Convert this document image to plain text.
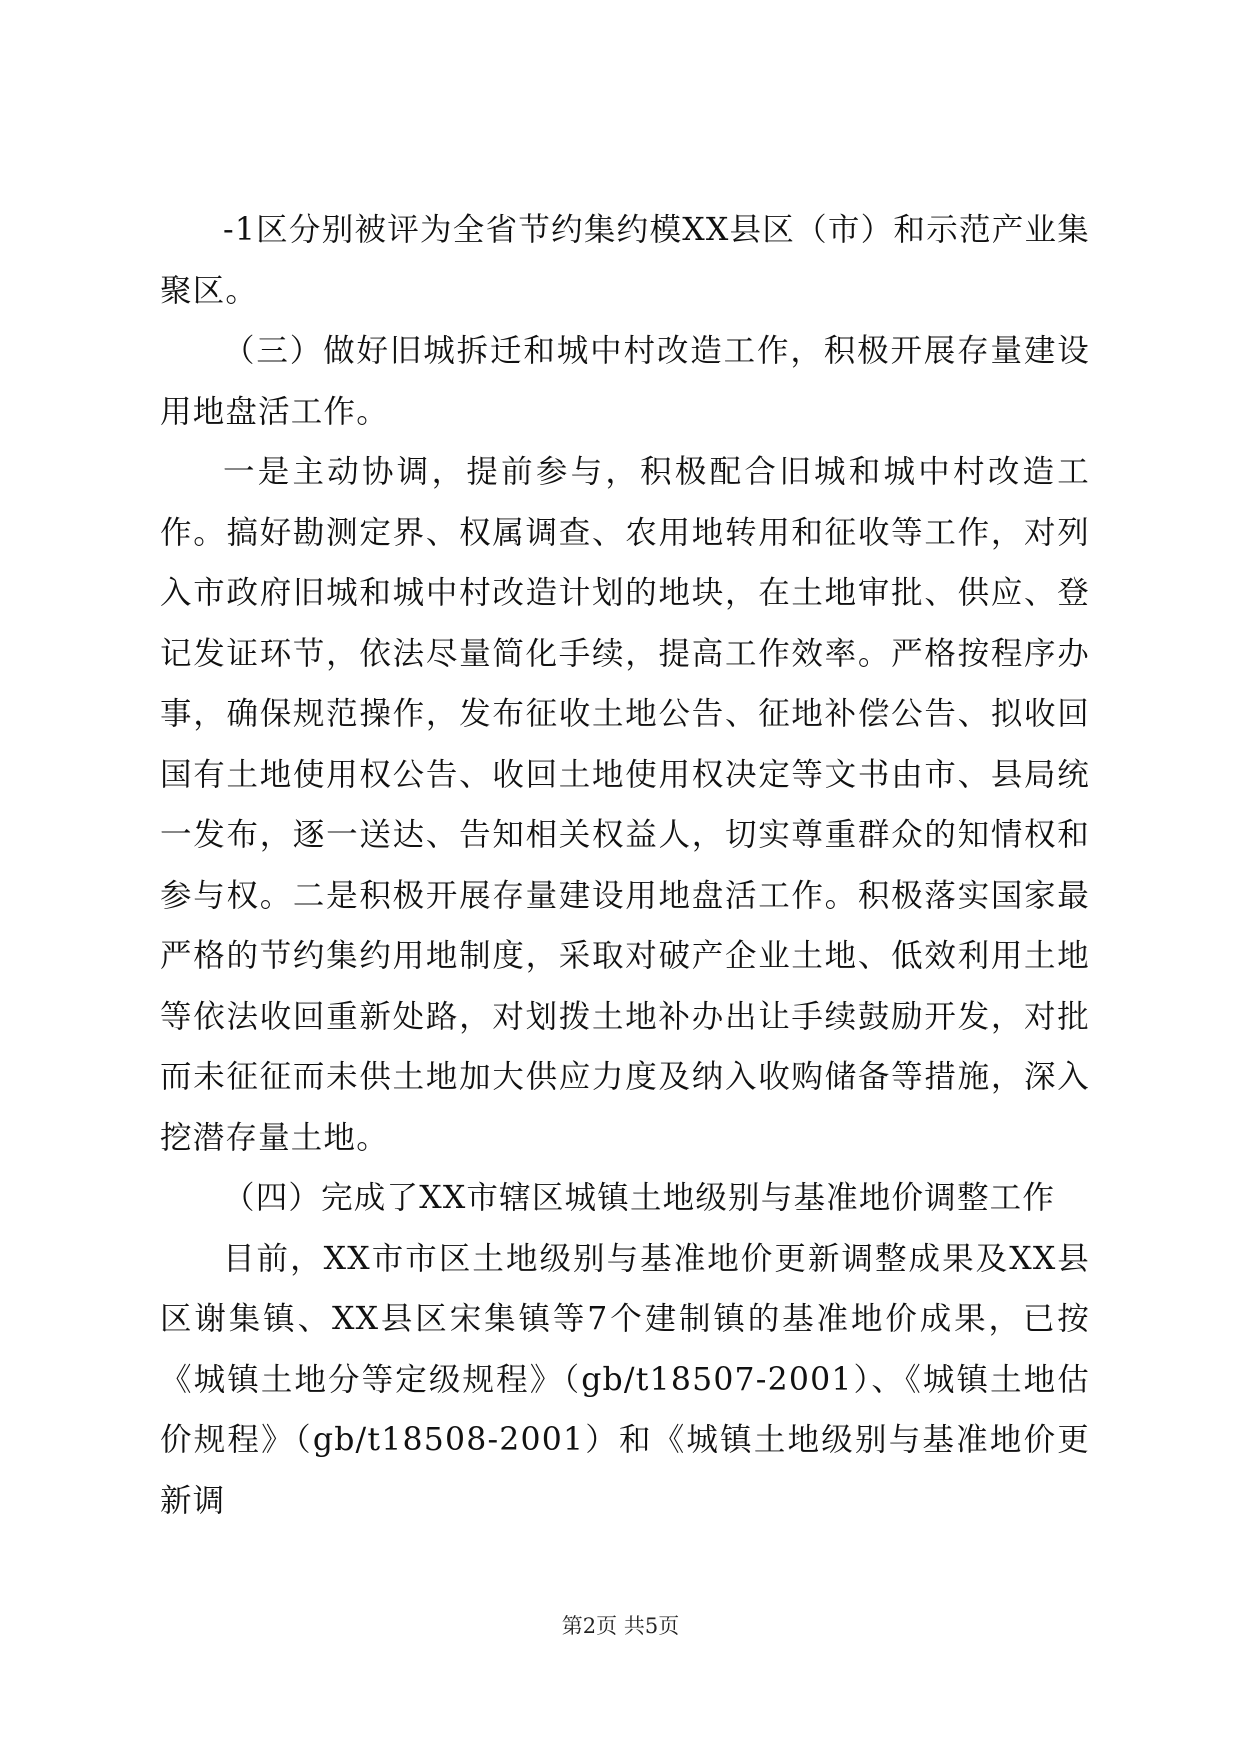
-1区分别被评为全省节约集约模XX县区（市）和示范产业集聚区。

（三）做好旧城拆迁和城中村改造工作，积极开展存量建设用地盘活工作。

一是主动协调，提前参与，积极配合旧城和城中村改造工作。搞好勘测定界、权属调查、农用地转用和征收等工作，对列入市政府旧城和城中村改造计划的地块，在土地审批、供应、登记发证环节，依法尽量简化手续，提高工作效率。严格按程序办事，确保规范操作，发布征收土地公告、征地补偿公告、拟收回国有土地使用权公告、收回土地使用权决定等文书由市、县局统一发布，逐一送达、告知相关权益人，切实尊重群众的知情权和参与权。二是积极开展存量建设用地盘活工作。积极落实国家最严格的节约集约用地制度，采取对破产企业土地、低效利用土地等依法收回重新处路，对划拨土地补办出让手续鼓励开发，对批而未征征而未供土地加大供应力度及纳入收购储备等措施，深入挖潜存量土地。

（四）完成了XX市辖区城镇土地级别与基准地价调整工作

目前，XX市市区土地级别与基准地价更新调整成果及XX县区谢集镇、XX县区宋集镇等7个建制镇的基准地价成果，已按《城镇土地分等定级规程》（gb/t18507-2001）、《城镇土地估价规程》（gb/t18508-2001）和《城镇土地级别与基准地价更新调

第2页 共5页
